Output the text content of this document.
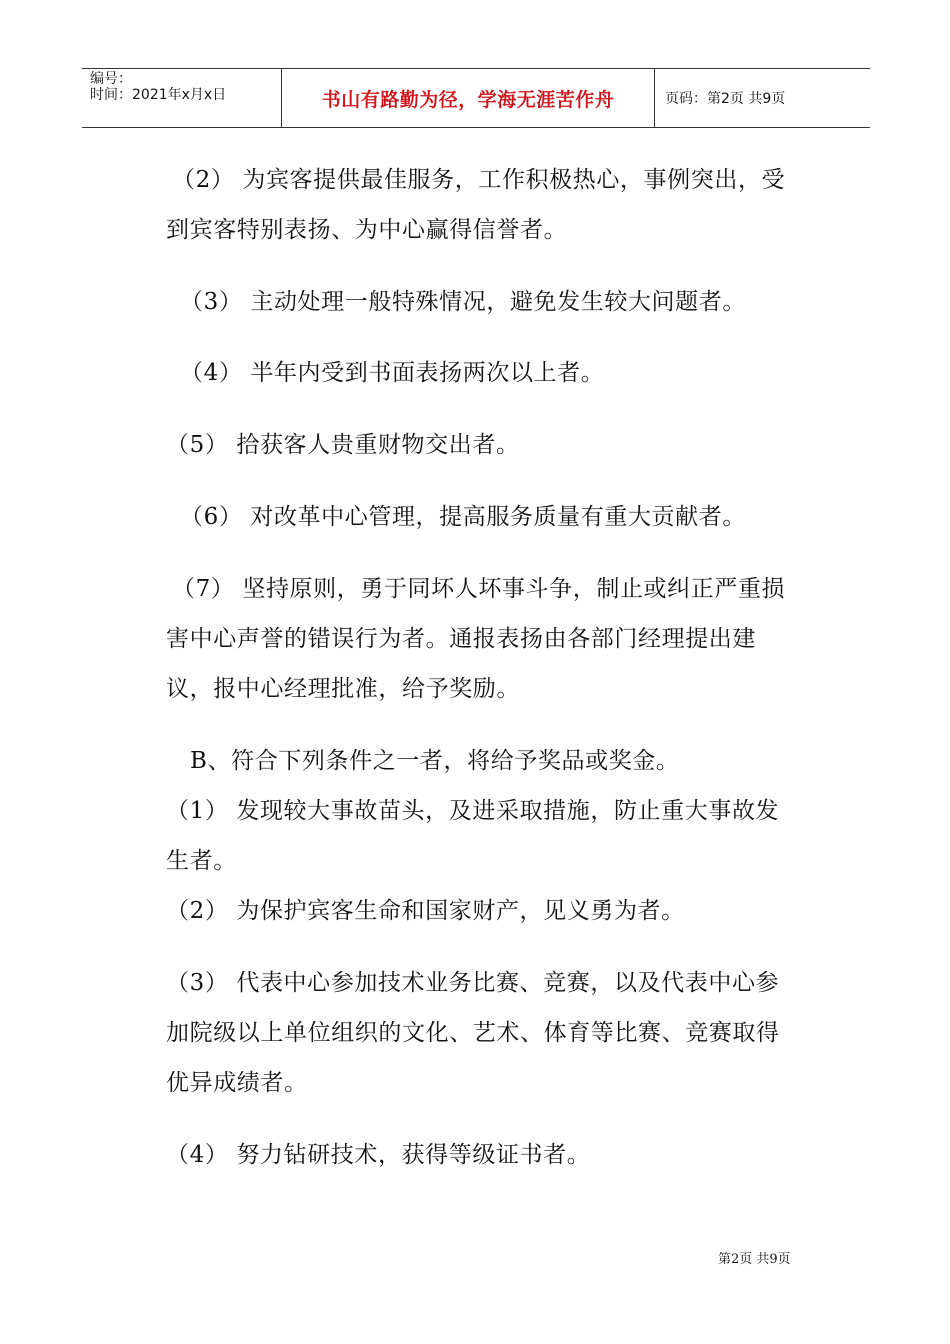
编号：
时间：2021年x月x日	书山有路勤为径，学海无涯苦作舟	页码：第2页 共9页
（2） 为宾客提供最佳服务，工作积极热心，事例突出，受
到宾客特别表扬、为中心赢得信誉者。
（3） 主动处理一般特殊情况，避免发生较大问题者。
（4） 半年内受到书面表扬两次以上者。
（5） 拾获客人贵重财物交出者。
（6） 对改革中心管理，提高服务质量有重大贡献者。
（7） 坚持原则，勇于同坏人坏事斗争，制止或纠正严重损
害中心声誉的错误行为者。通报表扬由各部门经理提出建
议，报中心经理批准，给予奖励。
B、符合下列条件之一者，将给予奖品或奖金。
（1） 发现较大事故苗头，及进采取措施，防止重大事故发
生者。
（2） 为保护宾客生命和国家财产，见义勇为者。
（3） 代表中心参加技术业务比赛、竞赛，以及代表中心参
加院级以上单位组织的文化、艺术、体育等比赛、竞赛取得
优异成绩者。
（4） 努力钻研技术，获得等级证书者。
第2页 共9页
